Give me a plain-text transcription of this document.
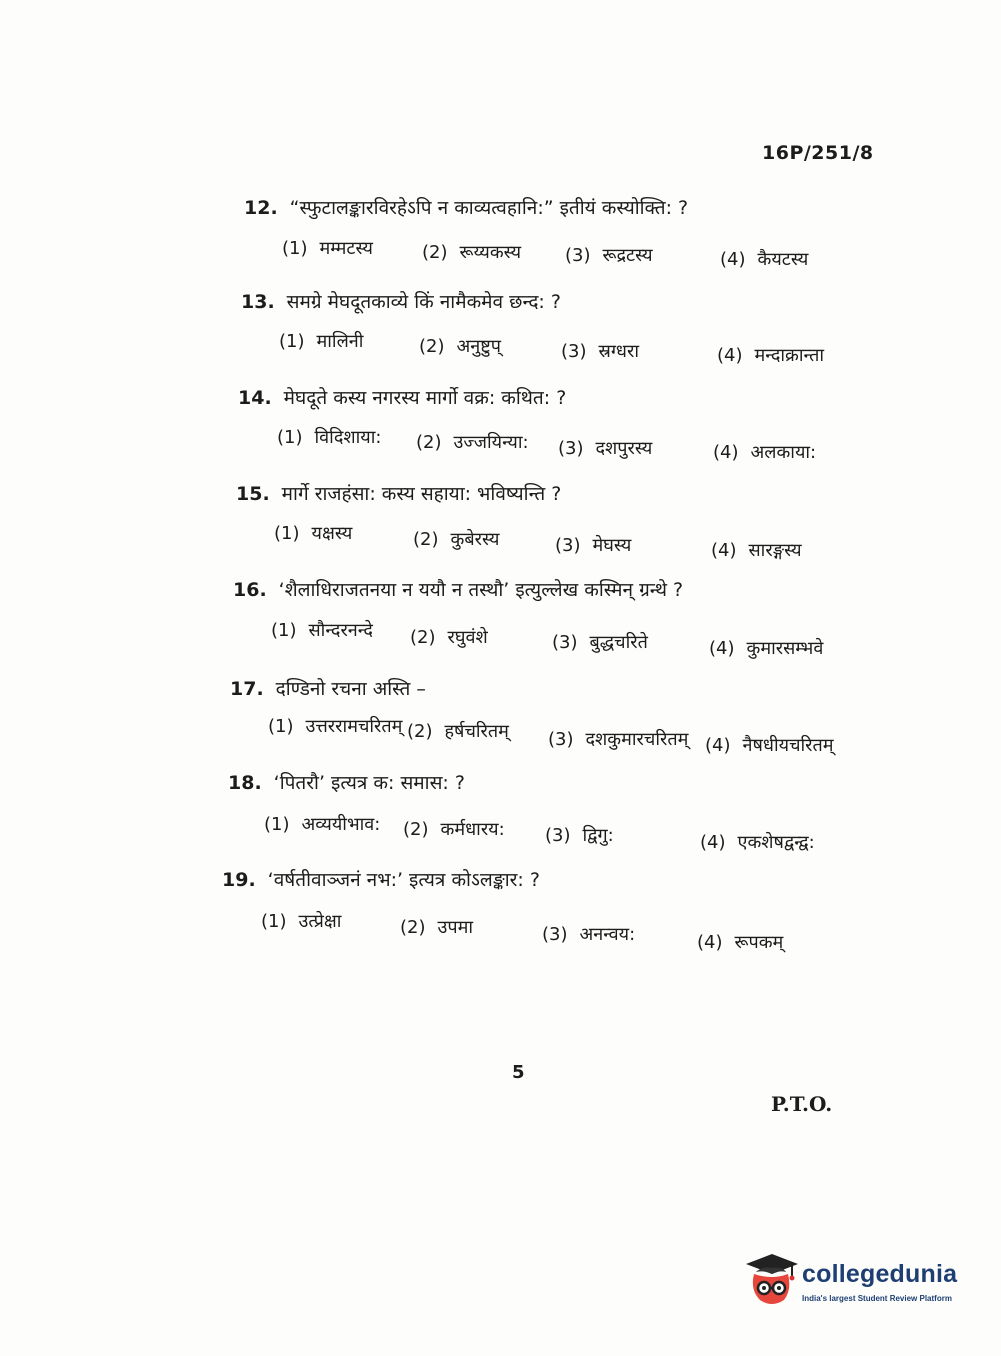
16P/251/8
12. “स्फुटालङ्कारविरहेऽपि न काव्यत्वहानि:” इतीयं कस्योक्ति: ?
(1) मम्मटस्य	(2) रूय्यकस्य (3) रूद्रटस्य	(4) कैयटस्य
13. समग्रे मेघदूतकाव्ये किं नामैकमेव छन्द: ?
(1) मालिनी	(2) अनुष्टुप्	(3) स्रग्धरा	(4) मन्दाक्रान्ता
14. मेघदूते कस्य नगरस्य मार्गो वक्र: कथित: ?
(1) विदिशाया: (2) उज्जयिन्या: (3) दशपुरस्य	(4) अलकाया:
15. मार्गे राजहंसा: कस्य सहाया: भविष्यन्ति ?
(1) यक्षस्य	(2) कुबेरस्य	(3) मेघस्य	(4) सारङ्गस्य
16. ‘शैलाधिराजतनया न ययौ न तस्थौ’ इत्युल्लेख कस्मिन् ग्रन्थे ?
(1) सौन्दरनन्दे (2) रघुवंशे	(3) बुद्धचरिते	(4) कुमारसम्भवे
17. दण्डिनो रचना अस्ति –
(1) उत्तररामचरितम् (2) हर्षचरितम् (3) दशकुमारचरितम् (4) नैषधीयचरितम्
18. ‘पितरौ’ इत्यत्र क: समास: ?
(1) अव्ययीभाव: (2) कर्मधारय: (3) द्विगु:	(4) एकशेषद्वन्द्व:
19. ‘वर्षतीवाञ्जनं नभ:’ इत्यत्र कोऽलङ्कार: ?
(1) उत्प्रेक्षा	(2) उपमा	(3) अनन्वय:	(4) रूपकम्
5
P.T.O.
collegedunia
India's largest Student Review Platform
